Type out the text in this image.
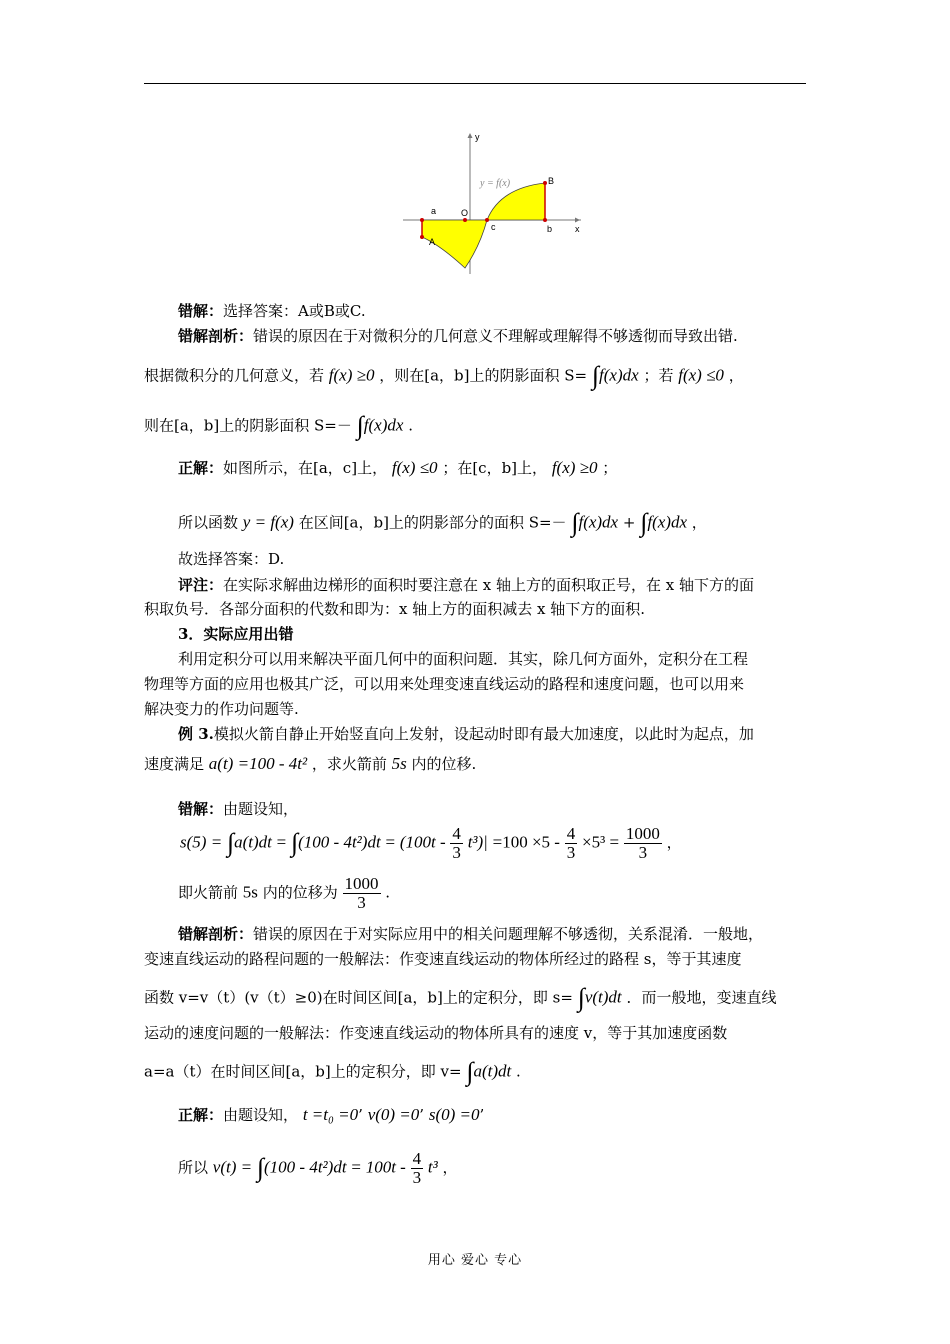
y
x
y = f(x)
O
a
A
c	b
B
错解：选择答案：A或B或C.
错解剖析：错误的原因在于对微积分的几何意义不理解或理解得不够透彻而导致出错.
根据微积分的几何意义，若 f(x) ≥0 ，则在[a，b]上的阴影面积 S= ∫f(x)dx ；若 f(x) ≤0 ，
则在[a，b]上的阴影面积 S=－ ∫f(x)dx .
正解：如图所示，在[a，c]上， f(x) ≤0 ；在[c，b]上， f(x) ≥0 ；
所以函数 y = f(x) 在区间[a，b]上的阴影部分的面积 S=－ ∫f(x)dx + ∫f(x)dx ，
故选择答案：D.
评注：在实际求解曲边梯形的面积时要注意在 x 轴上方的面积取正号，在 x 轴下方的面
积取负号．各部分面积的代数和即为：x 轴上方的面积减去 x 轴下方的面积.
3．实际应用出错
利用定积分可以用来解决平面几何中的面积问题．其实，除几何方面外，定积分在工程
物理等方面的应用也极其广泛，可以用来处理变速直线运动的路程和速度问题，也可以用来
解决变力的作功问题等.
例 3.模拟火箭自静止开始竖直向上发射，设起动时即有最大加速度，以此时为起点，加
速度满足 a(t) =100 - 4t² ，求火箭前 5s 内的位移.
错解：由题设知，
$s(5) = \int a(t)dt = \int(100 - 4t^2)dt = (100t - \frac{4}{3} t^3)| =100 \times 5 - \frac{4}{3} \times 5^3 = \frac{1000}{3}$ ，
即火箭前 5s 内的位移为 $\frac{1000}{3}$ .
错解剖析：错误的原因在于对实际应用中的相关问题理解不够透彻，关系混淆．一般地，
变速直线运动的路程问题的一般解法：作变速直线运动的物体所经过的路程 s，等于其速度
函数 v=v（t）(v（t）≥0)在时间区间[a，b]上的定积分，即 s= ∫v(t)dt ．而一般地，变速直线
运动的速度问题的一般解法：作变速直线运动的物体所具有的速度 v，等于其加速度函数
a=a（t）在时间区间[a，b]上的定积分，即 v= ∫a(t)dt .
正解：由题设知， t =t₀ =0’ v(0) =0’ s(0) =0’
所以 $v(t) = \int(100 - 4t^2)dt = 100t - \frac{4}{3} t^3$ ，
用心 爱心 专心
